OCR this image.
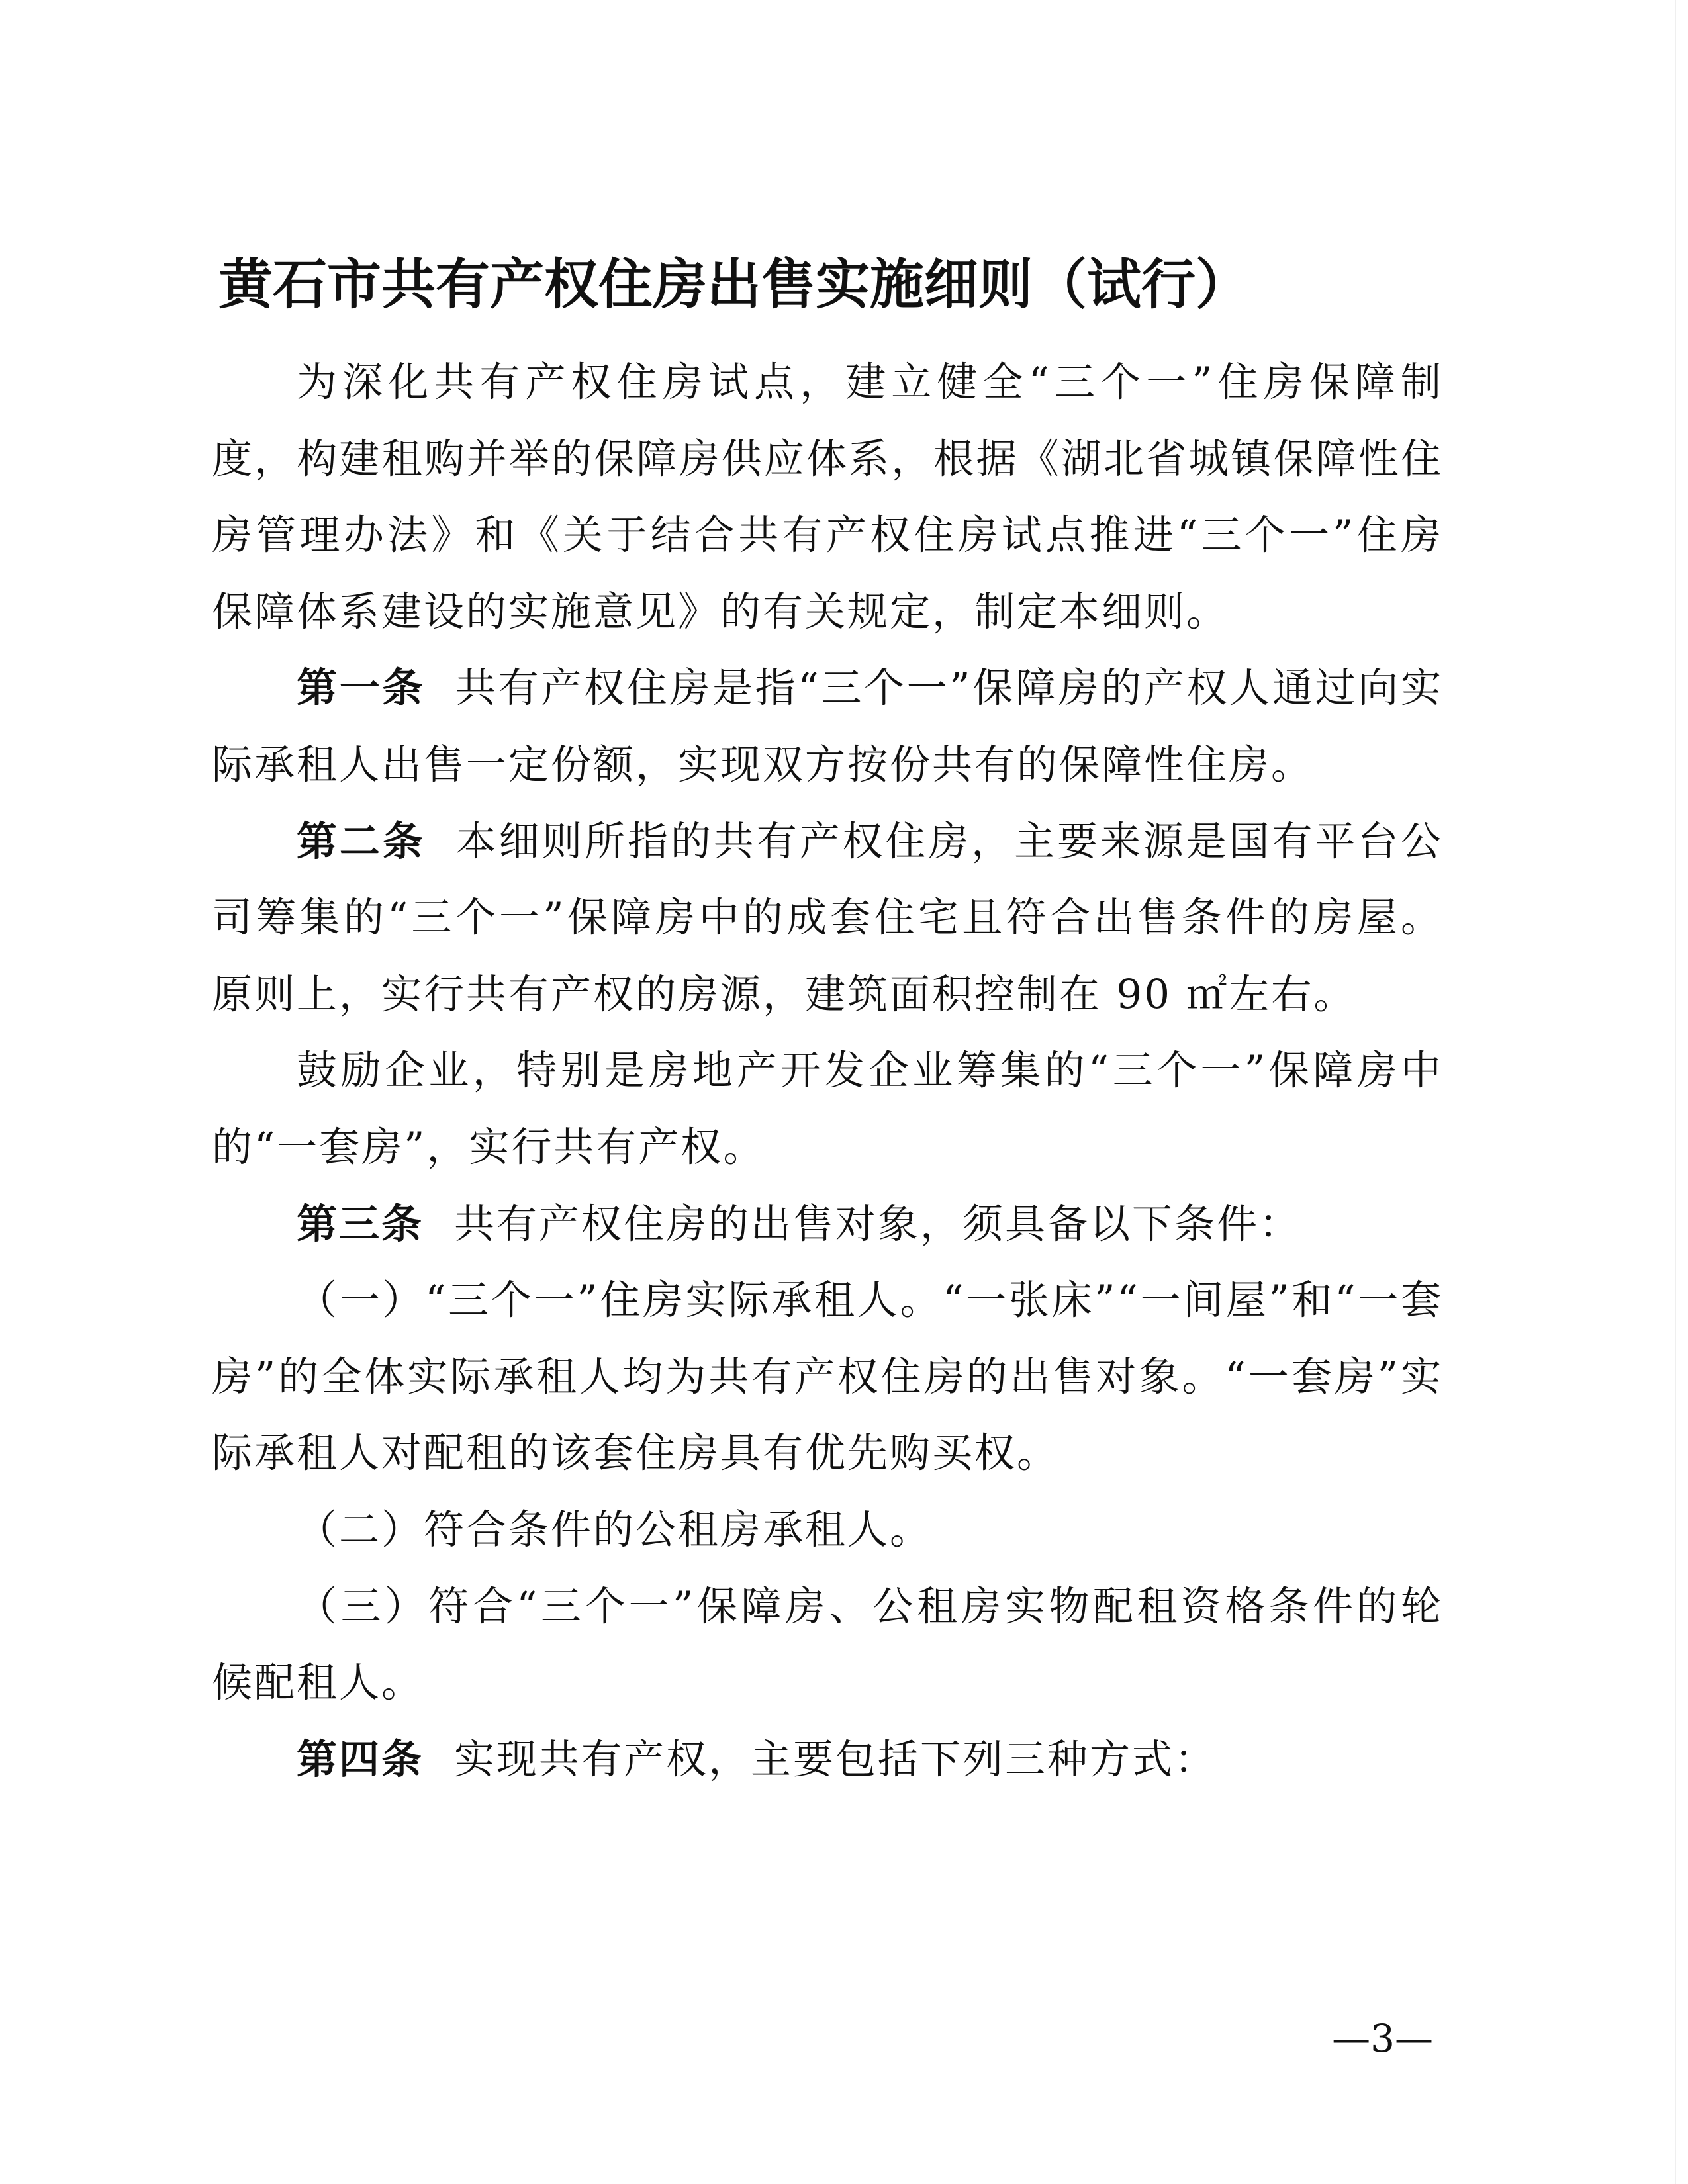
黄石市共有产权住房出售实施细则（试行）

为深化共有产权住房试点，建立健全“三个一”住房保障制度，构建租购并举的保障房供应体系，根据《湖北省城镇保障性住房管理办法》和《关于结合共有产权住房试点推进“三个一”住房保障体系建设的实施意见》的有关规定，制定本细则。

第一条 共有产权住房是指“三个一”保障房的产权人通过向实际承租人出售一定份额，实现双方按份共有的保障性住房。

第二条 本细则所指的共有产权住房，主要来源是国有平台公司筹集的“三个一”保障房中的成套住宅且符合出售条件的房屋。原则上，实行共有产权的房源，建筑面积控制在 90 ㎡左右。

鼓励企业，特别是房地产开发企业筹集的“三个一”保障房中的“一套房”，实行共有产权。

第三条 共有产权住房的出售对象，须具备以下条件：

（一）“三个一”住房实际承租人。“一张床”“一间屋”和“一套房”的全体实际承租人均为共有产权住房的出售对象。“一套房”实际承租人对配租的该套住房具有优先购买权。

（二）符合条件的公租房承租人。

（三）符合“三个一”保障房、公租房实物配租资格条件的轮候配租人。

第四条 实现共有产权，主要包括下列三种方式：

—3—
